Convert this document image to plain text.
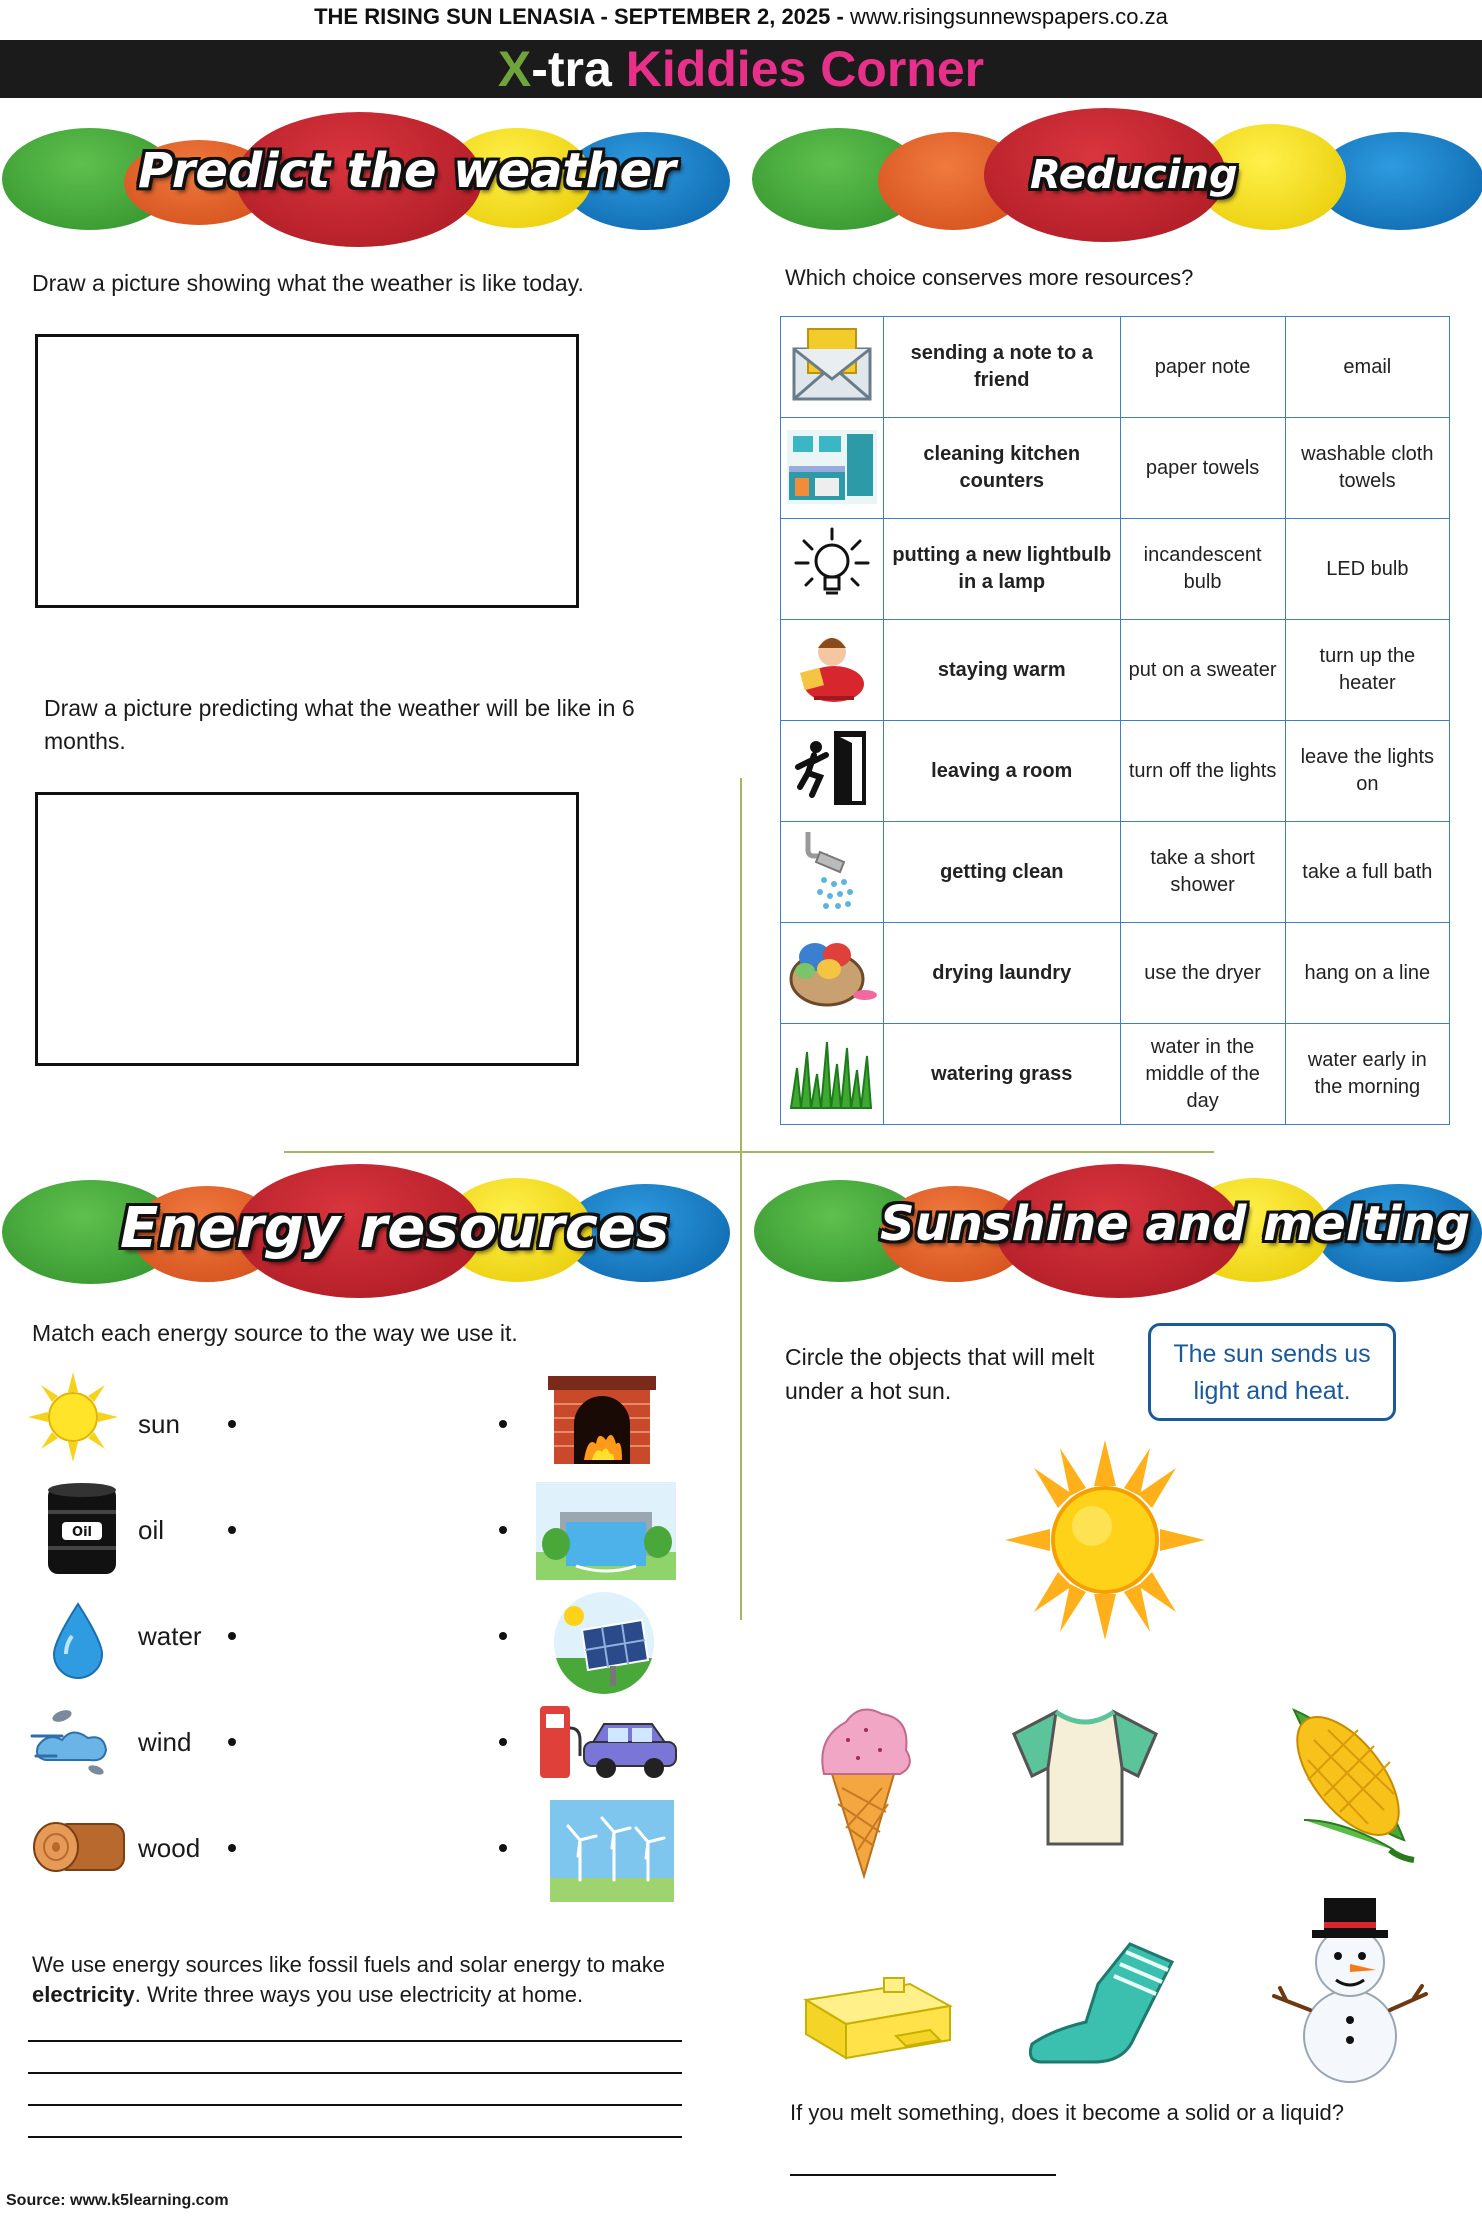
THE RISING SUN LENASIA - SEPTEMBER 2, 2025 - www.risingsunnewspapers.co.za
X-tra Kiddies Corner
Predict the weather
Draw a picture showing what the weather is like today.
Draw a picture predicting what the weather will be like in 6 months.
Reducing
Which choice conserves more resources?
	sending a note to a friend	paper note	email
	cleaning kitchen counters	paper towels	washable cloth towels
	putting a new lightbulb in a lamp	incandescent bulb	LED bulb
	staying warm	put on a sweater	turn up the heater
	leaving a room	turn off the lights	leave the lights on
	getting clean	take a short shower	take a full bath
	drying laundry	use the dryer	hang on a line
	watering grass	water in the middle of the day	water early in the morning
Energy resources
Match each energy source to the way we use it.
sun
Oil oil
water
wind
wood
We use energy sources like fossil fuels and solar energy to make electricity. Write three ways you use electricity at home.
Sunshine and melting
Circle the objects that will melt under a hot sun.
The sun sends us light and heat.
If you melt something, does it become a solid or a liquid?
Source: www.k5learning.com
